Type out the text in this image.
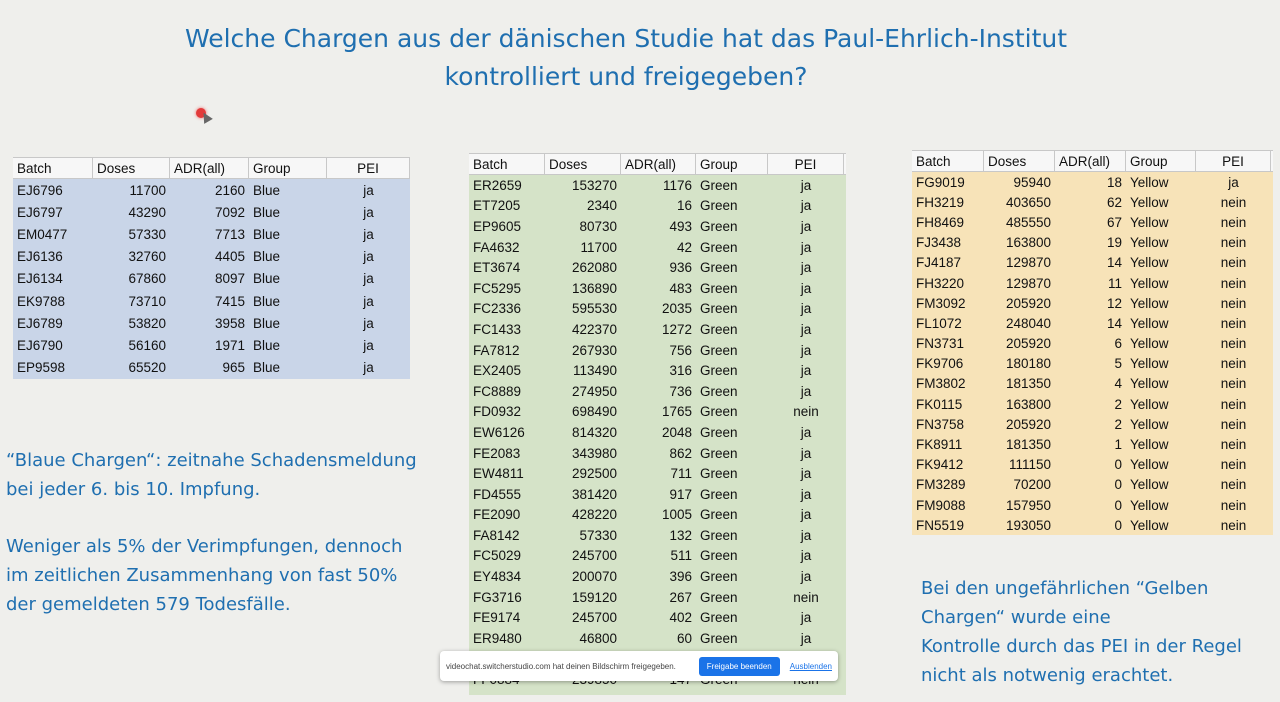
Welche Chargen aus der dänischen Studie hat das Paul-Ehrlich-Institut
kontrolliert und freigegeben?
Batch	Doses	ADR(all)	Group	PEI
EJ6796	11700	2160 Blue	ja
EJ6797	43290	7092 Blue	ja
EM0477	57330	7713 Blue	ja
EJ6136	32760	4405 Blue	ja
EJ6134	67860	8097 Blue	ja
EK9788	73710	7415 Blue	ja
EJ6789	53820	3958 Blue	ja
EJ6790	56160	1971 Blue	ja
EP9598	65520	965 Blue	ja
Batch	Doses	ADR(all)	Group	PEI
ER2659	153270	1176 Green	ja
ET7205	2340	16 Green	ja
EP9605	80730	493 Green	ja
FA4632	11700	42 Green	ja
ET3674	262080	936 Green	ja
FC5295	136890	483 Green	ja
FC2336	595530	2035 Green	ja
FC1433	422370	1272 Green	ja
FA7812	267930	756 Green	ja
EX2405	113490	316 Green	ja
FC8889	274950	736 Green	ja
FD0932	698490	1765 Green	nein
EW6126	814320	2048 Green	ja
FE2083	343980	862 Green	ja
EW4811	292500	711 Green	ja
FD4555	381420	917 Green	ja
FE2090	428220	1005 Green	ja
FA8142	57330	132 Green	ja
FC5029	245700	511 Green	ja
EY4834	200070	396 Green	ja
FG3716	159120	267 Green	nein
FE9174	245700	402 Green	ja
ER9480	46800	60 Green	ja
Batch	Doses	ADR(all)	Group	PEI
FG9019	95940	18 Yellow	ja
FH3219	403650	62 Yellow	nein
FH8469	485550	67 Yellow	nein
FJ3438	163800	19 Yellow	nein
FJ4187	129870	14 Yellow	nein
FH3220	129870	11 Yellow	nein
FM3092	205920	12 Yellow	nein
FL1072	248040	14 Yellow	nein
FN3731	205920	6 Yellow	nein
FK9706	180180	5 Yellow	nein
FM3802	181350	4 Yellow	nein
FK0115	163800	2 Yellow	nein
FN3758	205920	2 Yellow	nein
FK8911	181350	1 Yellow	nein
FK9412	111150	0 Yellow	nein
FM3289	70200	0 Yellow	nein
FM9088	157950	0 Yellow	nein
FN5519	193050	0 Yellow	nein
“Blaue Chargen“: zeitnahe Schadensmeldung
bei jeder 6. bis 10. Impfung.
Weniger als 5% der Verimpfungen, dennoch
im zeitlichen Zusammenhang von fast 50%
der gemeldeten 579 Todesfälle.
Bei den ungefährlichen “Gelben
Chargen“ wurde eine
Kontrolle durch das PEI in der Regel
nicht als notwenig erachtet.
videochat.switcherstudio.com hat deinen Bildschirm freigegeben.	Freigabe beenden	Ausblenden
